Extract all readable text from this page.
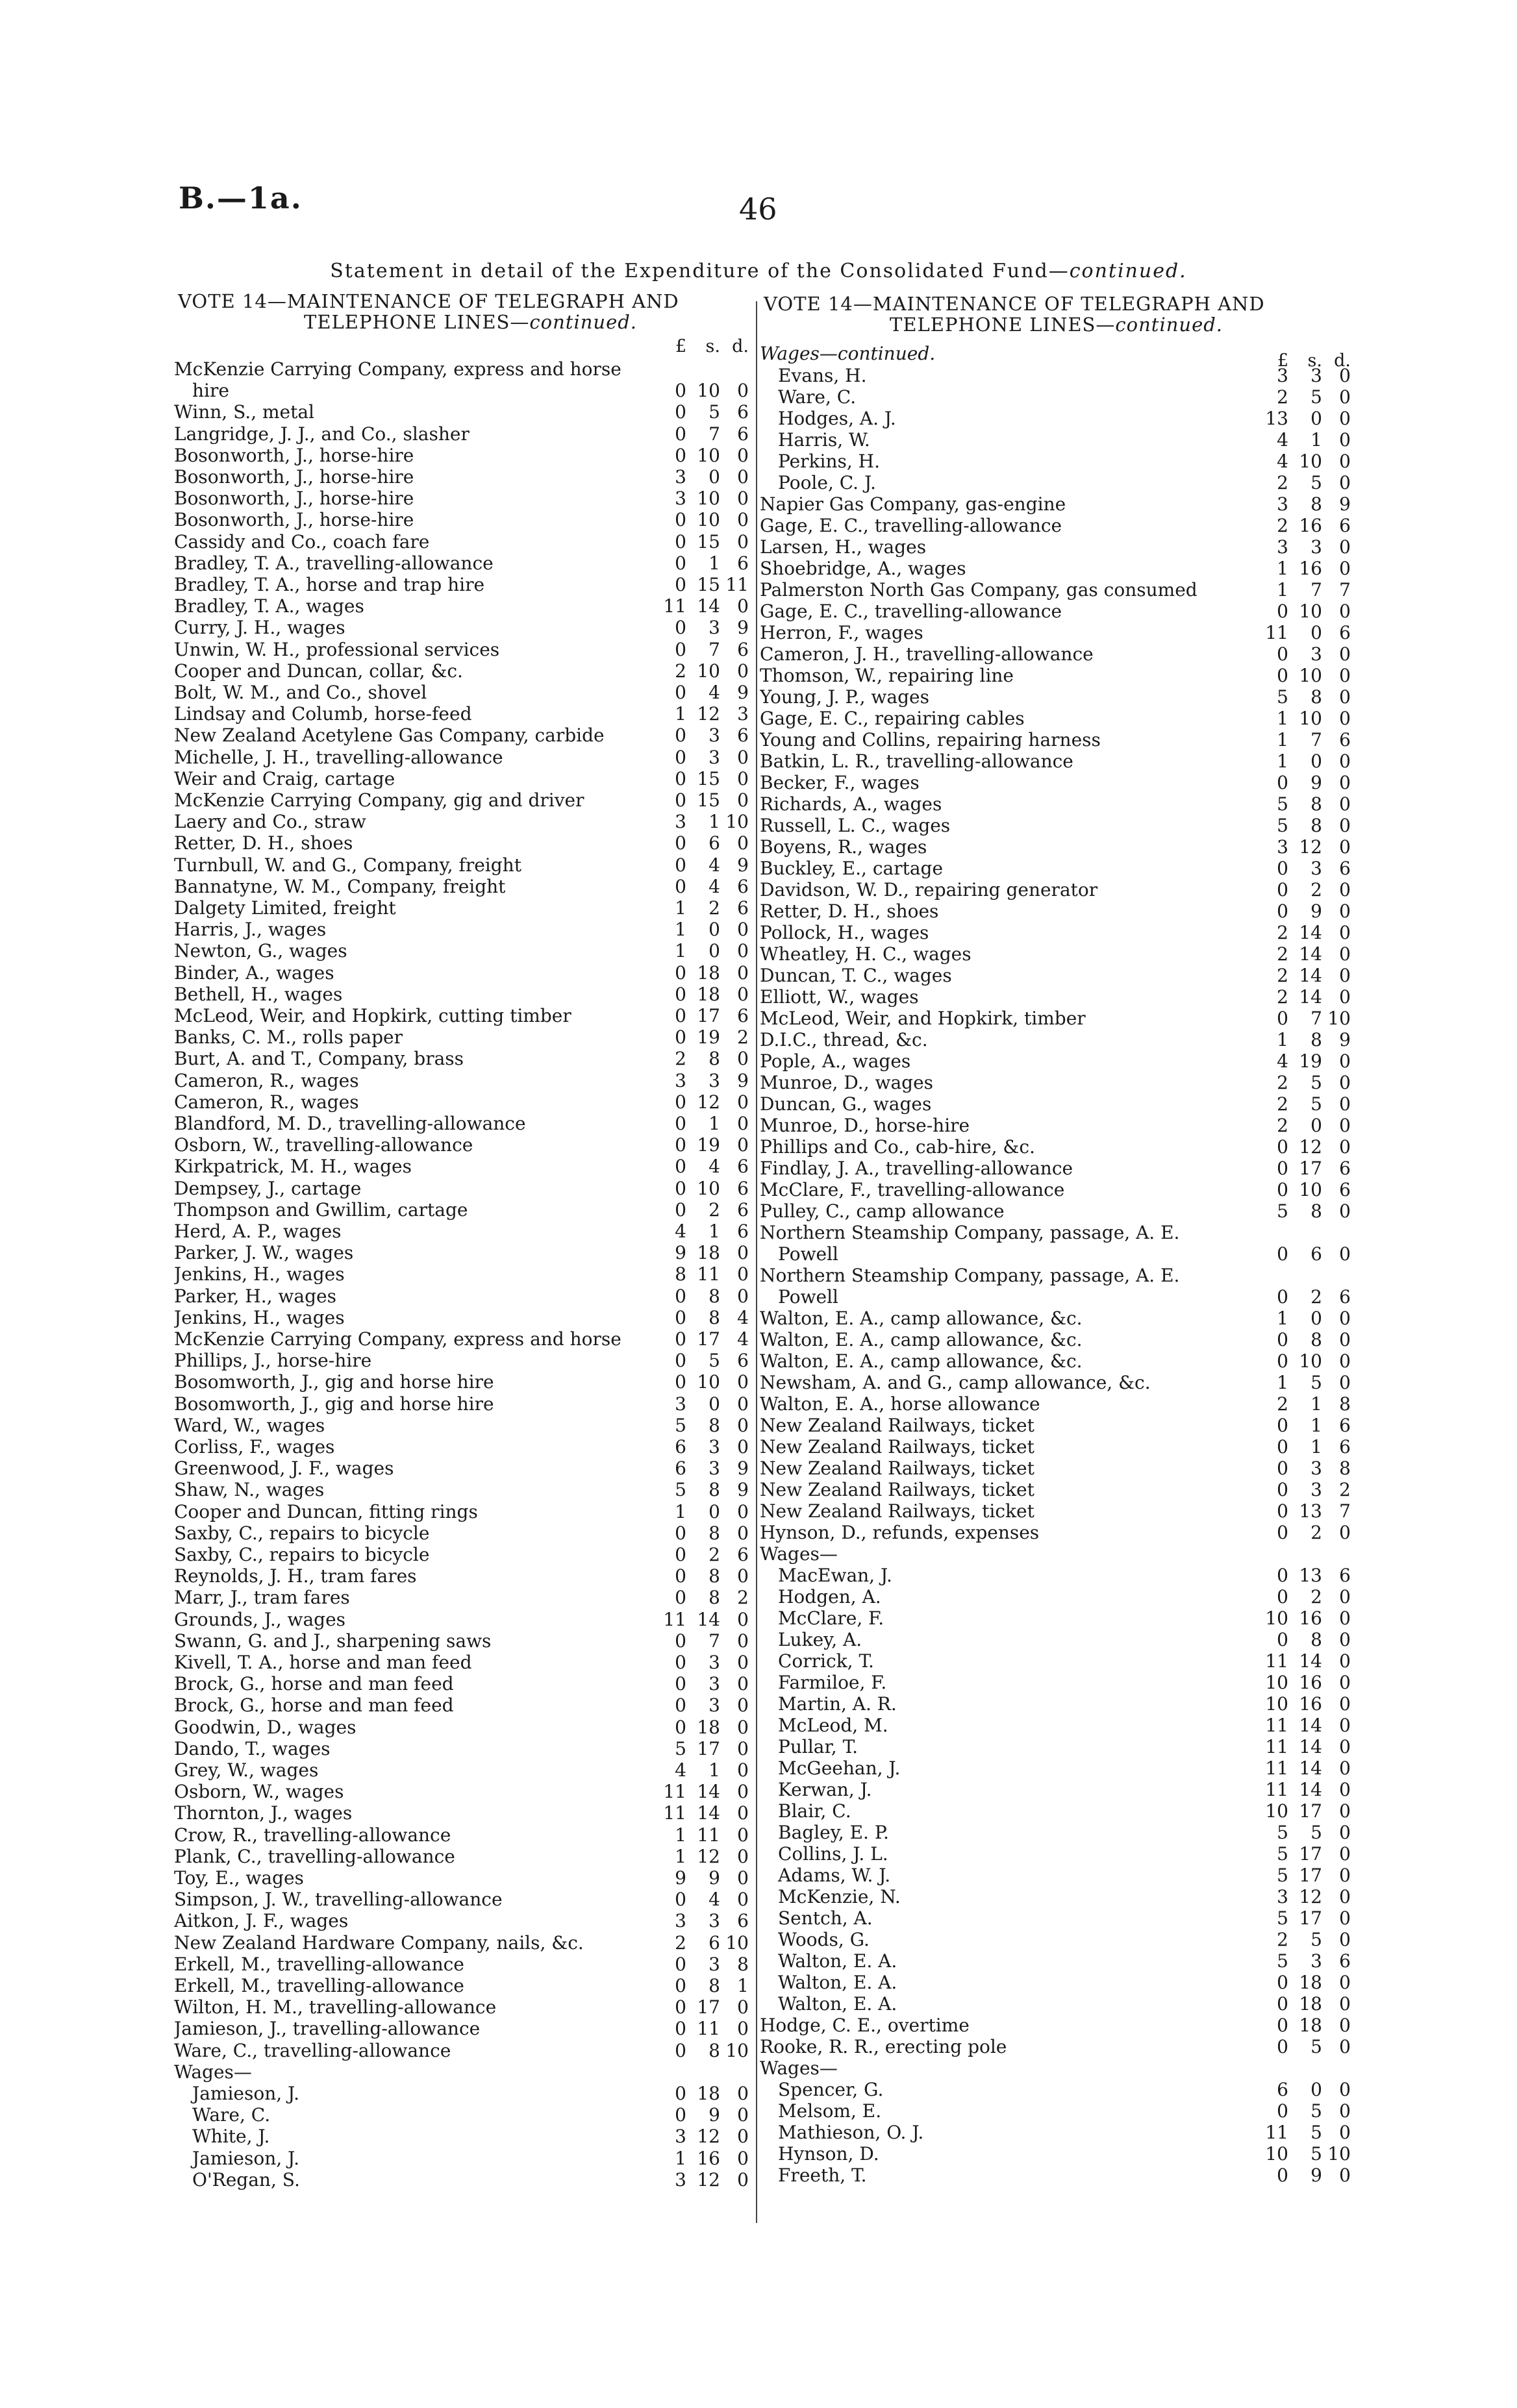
B.—1a.	46
Statement in detail of the Expenditure of the Consolidated Fund—continued.
VOTE 14—MAINTENANCE OF TELEGRAPH AND
TELEPHONE LINES—continued.
£	s. d.
McKenzie Carrying Company, express and horse
hire	0 10 0
Winn, S., metal	0	5 6
Langridge, J. J., and Co., slasher	0	7 6
Bosonworth, J., horse-hire	0 10 0
Bosonworth, J., horse-hire	3	0 0
Bosonworth, J., horse-hire	3 10 0
Bosonworth, J., horse-hire	0 10 0
Cassidy and Co., coach fare	0 15 0
Bradley, T. A., travelling-allowance	0	1 6
Bradley, T. A., horse and trap hire	0 15 11
Bradley, T. A., wages	11 14 0
Curry, J. H., wages	0	3 9
Unwin, W. H., professional services	0	7 6
Cooper and Duncan, collar, &c.	2 10 0
Bolt, W. M., and Co., shovel	0	4 9
Lindsay and Columb, horse-feed	1 12 3
New Zealand Acetylene Gas Company, carbide	0	3 6
Michelle, J. H., travelling-allowance	0	3 0
Weir and Craig, cartage	0 15 0
McKenzie Carrying Company, gig and driver	0 15 0
Laery and Co., straw	3	1 10
Retter, D. H., shoes	0	6 0
Turnbull, W. and G., Company, freight	0	4 9
Bannatyne, W. M., Company, freight	0	4 6
Dalgety Limited, freight	1	2 6
Harris, J., wages	1	0 0
Newton, G., wages	1	0 0
Binder, A., wages	0 18 0
Bethell, H., wages	0 18 0
McLeod, Weir, and Hopkirk, cutting timber	0 17 6
Banks, C. M., rolls paper	0 19 2
Burt, A. and T., Company, brass	2	8 0
Cameron, R., wages	3	3 9
Cameron, R., wages	0 12 0
Blandford, M. D., travelling-allowance	0	1 0
Osborn, W., travelling-allowance	0 19 0
Kirkpatrick, M. H., wages	0	4 6
Dempsey, J., cartage	0 10 6
Thompson and Gwillim, cartage	0	2 6
Herd, A. P., wages	4	1 6
Parker, J. W., wages	9 18 0
Jenkins, H., wages	8 11 0
Parker, H., wages	0	8 0
Jenkins, H., wages	0	8 4
McKenzie Carrying Company, express and horse	0 17 4
Phillips, J., horse-hire	0	5 6
Bosomworth, J., gig and horse hire	0 10 0
Bosomworth, J., gig and horse hire	3	0 0
Ward, W., wages	5	8 0
Corliss, F., wages	6	3 0
Greenwood, J. F., wages	6	3 9
Shaw, N., wages	5	8 9
Cooper and Duncan, fitting rings	1	0 0
Saxby, C., repairs to bicycle	0	8 0
Saxby, C., repairs to bicycle	0	2 6
Reynolds, J. H., tram fares	0	8 0
Marr, J., tram fares	0	8 2
Grounds, J., wages	11 14 0
Swann, G. and J., sharpening saws	0	7 0
Kivell, T. A., horse and man feed	0	3 0
Brock, G., horse and man feed	0	3 0
Brock, G., horse and man feed	0	3 0
Goodwin, D., wages	0 18 0
Dando, T., wages	5 17 0
Grey, W., wages	4	1 0
Osborn, W., wages	11 14 0
Thornton, J., wages	11 14 0
Crow, R., travelling-allowance	1 11 0
Plank, C., travelling-allowance	1 12 0
Toy, E., wages	9	9 0
Simpson, J. W., travelling-allowance	0	4 0
Aitkon, J. F., wages	3	3 6
New Zealand Hardware Company, nails, &c.	2	6 10
Erkell, M., travelling-allowance	0	3 8
Erkell, M., travelling-allowance	0	8 1
Wilton, H. M., travelling-allowance	0 17 0
Jamieson, J., travelling-allowance	0 11 0
Ware, C., travelling-allowance	0	8 10
Wages—
Jamieson, J.	0 18 0
Ware, C.	0	9 0
White, J.	3 12 0
Jamieson, J.	1 16 0
O'Regan, S.	3 12 0
VOTE 14—MAINTENANCE OF TELEGRAPH AND
TELEPHONE LINES—continued.
Wages—continued.	£	s. d.
Evans, H.	3	3 0
Ware, C.	2	5 0
Hodges, A. J.	13	0 0
Harris, W.	4	1 0
Perkins, H.	4 10 0
Poole, C. J.	2	5 0
Napier Gas Company, gas-engine	3	8 9
Gage, E. C., travelling-allowance	2 16 6
Larsen, H., wages	3	3 0
Shoebridge, A., wages	1 16 0
Palmerston North Gas Company, gas consumed	1	7 7
Gage, E. C., travelling-allowance	0 10 0
Herron, F., wages	11	0 6
Cameron, J. H., travelling-allowance	0	3 0
Thomson, W., repairing line	0 10 0
Young, J. P., wages	5	8 0
Gage, E. C., repairing cables	1 10 0
Young and Collins, repairing harness	1	7 6
Batkin, L. R., travelling-allowance	1	0 0
Becker, F., wages	0	9 0
Richards, A., wages	5	8 0
Russell, L. C., wages	5	8 0
Boyens, R., wages	3 12 0
Buckley, E., cartage	0	3 6
Davidson, W. D., repairing generator	0	2 0
Retter, D. H., shoes	0	9 0
Pollock, H., wages	2 14 0
Wheatley, H. C., wages	2 14 0
Duncan, T. C., wages	2 14 0
Elliott, W., wages	2 14 0
McLeod, Weir, and Hopkirk, timber	0	7 10
D.I.C., thread, &c.	1	8 9
Pople, A., wages	4 19 0
Munroe, D., wages	2	5 0
Duncan, G., wages	2	5 0
Munroe, D., horse-hire	2	0 0
Phillips and Co., cab-hire, &c.	0 12 0
Findlay, J. A., travelling-allowance	0 17 6
McClare, F., travelling-allowance	0 10 6
Pulley, C., camp allowance	5	8 0
Northern Steamship Company, passage, A. E.
Powell	0	6 0
Northern Steamship Company, passage, A. E.
Powell	0	2 6
Walton, E. A., camp allowance, &c.	1	0 0
Walton, E. A., camp allowance, &c.	0	8 0
Walton, E. A., camp allowance, &c.	0 10 0
Newsham, A. and G., camp allowance, &c.	1	5 0
Walton, E. A., horse allowance	2	1 8
New Zealand Railways, ticket	0	1 6
New Zealand Railways, ticket	0	1 6
New Zealand Railways, ticket	0	3 8
New Zealand Railways, ticket	0	3 2
New Zealand Railways, ticket	0 13 7
Hynson, D., refunds, expenses	0	2 0
Wages—
MacEwan, J.	0 13 6
Hodgen, A.	0	2 0
McClare, F.	10 16 0
Lukey, A.	0	8 0
Corrick, T.	11 14 0
Farmiloe, F.	10 16 0
Martin, A. R.	10 16 0
McLeod, M.	11 14 0
Pullar, T.	11 14 0
McGeehan, J.	11 14 0
Kerwan, J.	11 14 0
Blair, C.	10 17 0
Bagley, E. P.	5	5 0
Collins, J. L.	5 17 0
Adams, W. J.	5 17 0
McKenzie, N.	3 12 0
Sentch, A.	5 17 0
Woods, G.	2	5 0
Walton, E. A.	5	3 6
Walton, E. A.	0 18 0
Walton, E. A.	0 18 0
Hodge, C. E., overtime	0 18 0
Rooke, R. R., erecting pole	0	5 0
Wages—
Spencer, G.	6	0 0
Melsom, E.	0	5 0
Mathieson, O. J.	11	5 0
Hynson, D.	10	5 10
Freeth, T.	0	9 0
